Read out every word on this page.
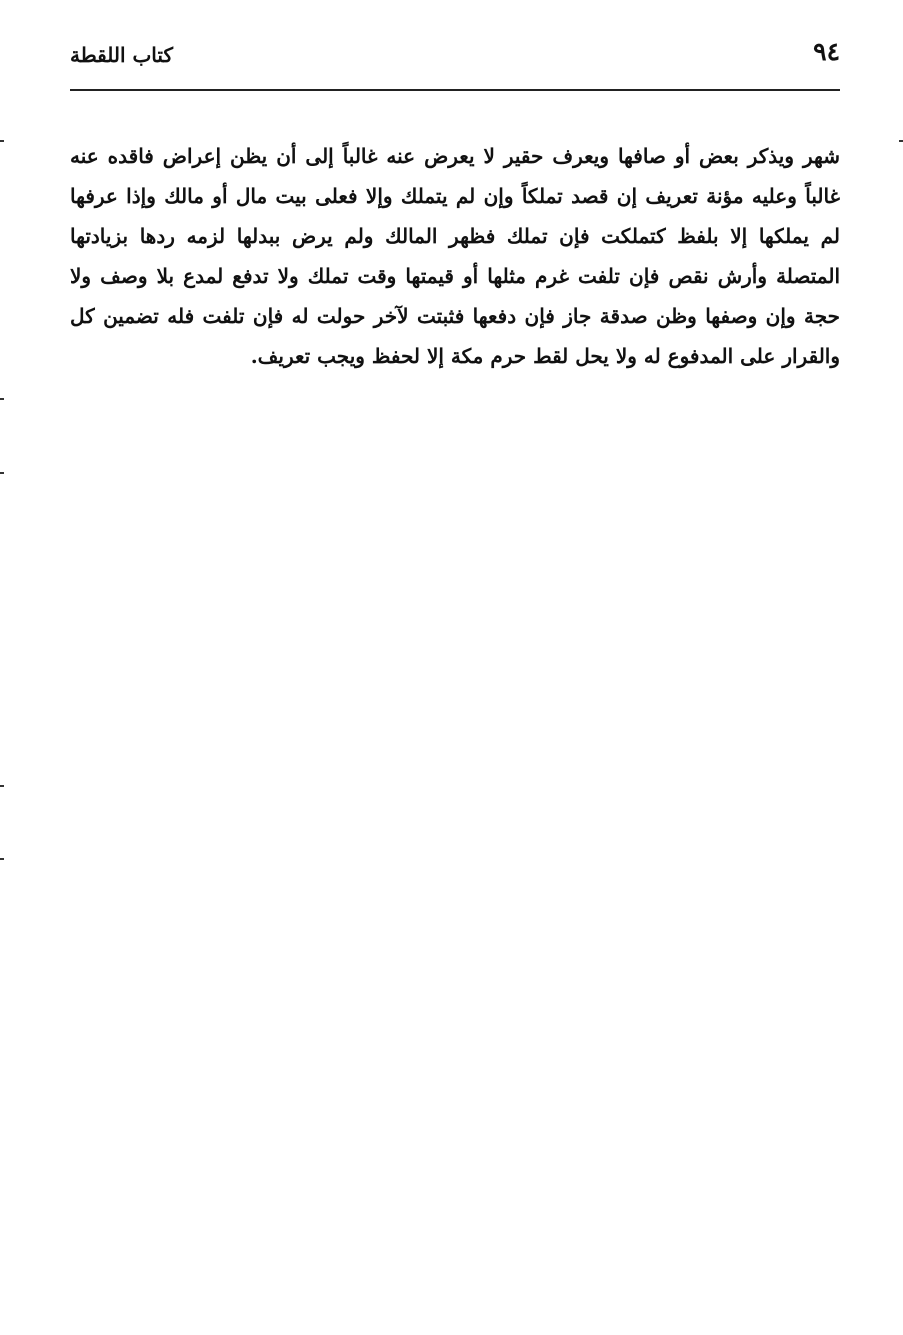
٩٤
كتاب اللقطة

شهر ويذكر بعض أو صافها ويعرف حقير لا يعرض عنه غالباً إلى أن يظن إعراض فاقده عنه غالباً وعليه مؤنة تعريف إن قصد تملكاً وإن لم يتملك وإلا فعلى بيت مال أو مالك وإذا عرفها لم يملكها إلا بلفظ كتملكت فإن تملك فظهر المالك ولم يرض ببدلها لزمه ردها بزيادتها المتصلة وأرش نقص فإن تلفت غرم مثلها أو قيمتها وقت تملك ولا تدفع لمدع بلا وصف ولا حجة وإن وصفها وظن صدقة جاز فإن دفعها فثبتت لآخر حولت له فإن تلفت فله تضمين كل والقرار على المدفوع له ولا يحل لقط حرم مكة إلا لحفظ ويجب تعريف.
